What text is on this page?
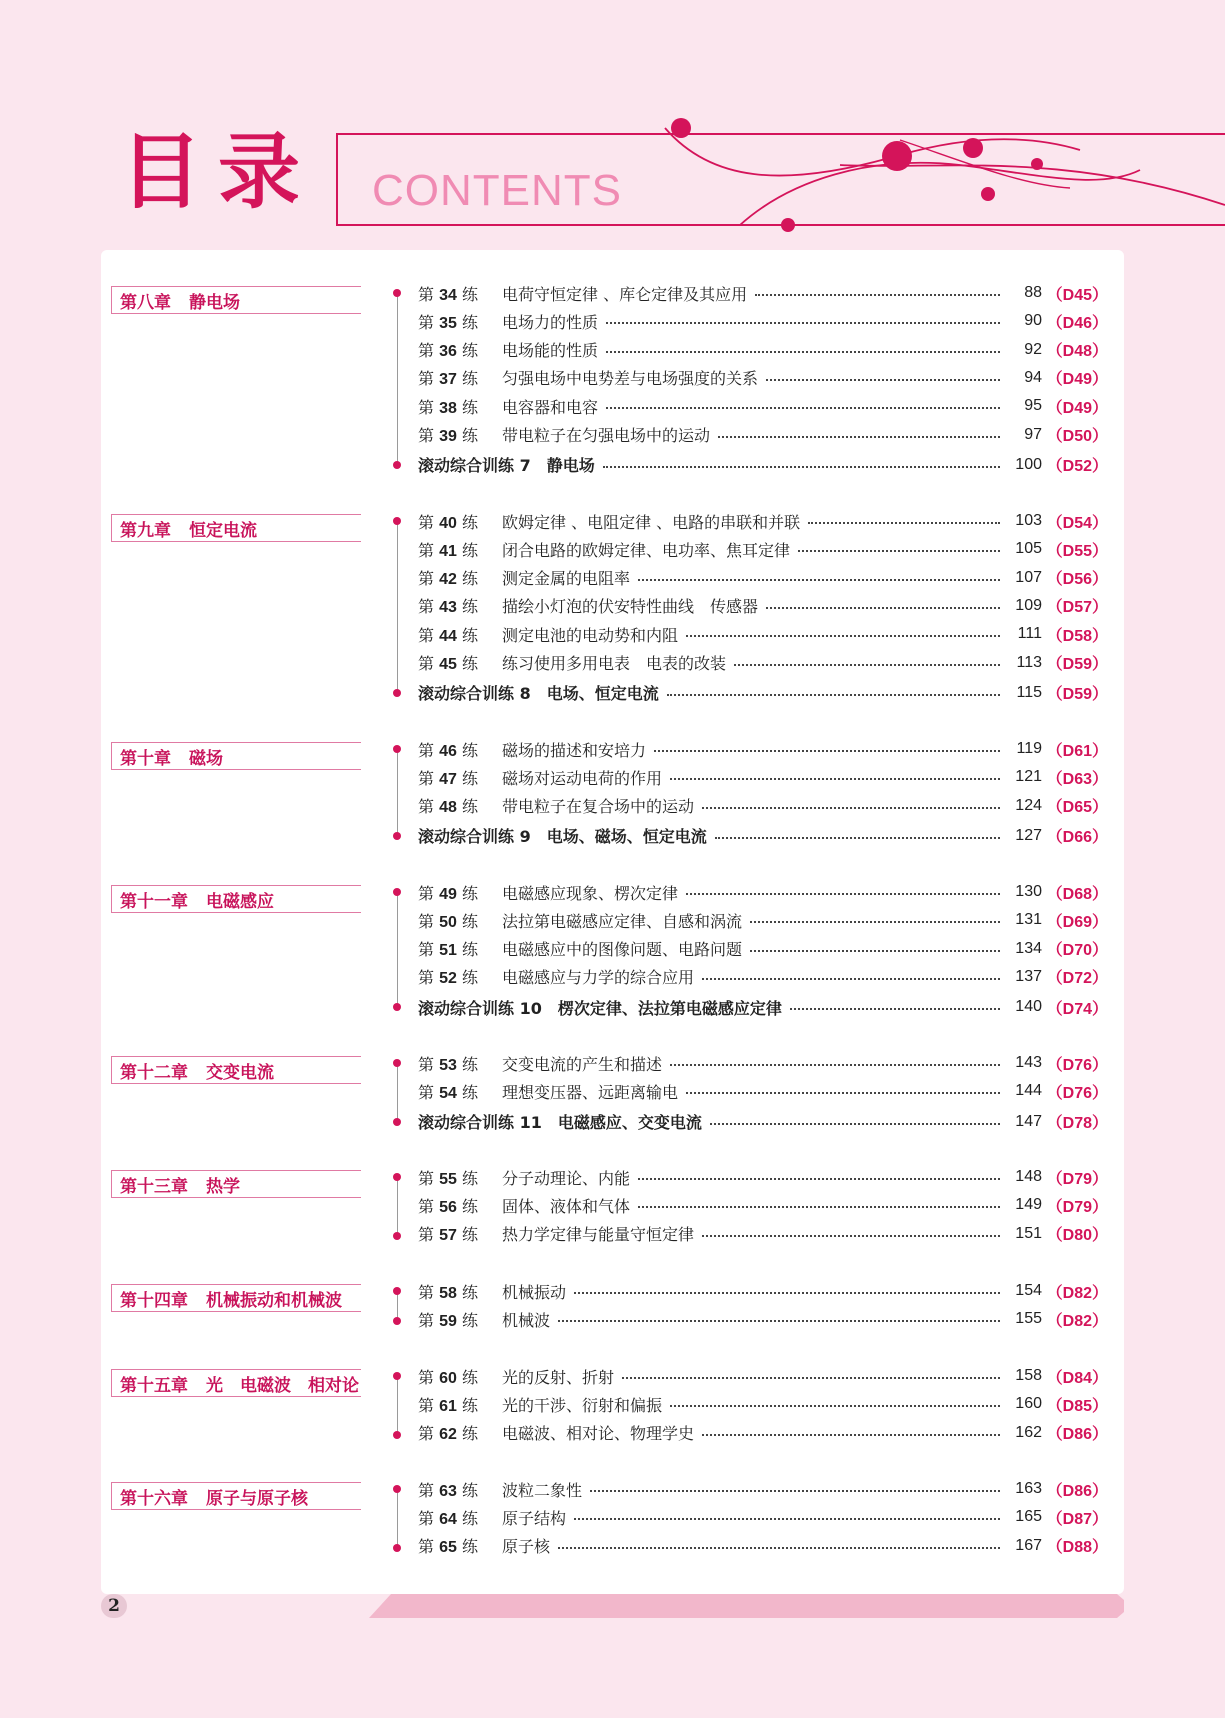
目录 CONTENTS
第八章 静电场	第 34 练	电荷守恒定律 、库仑定律及其应用	88 （D45）
第 35 练	电场力的性质	90 （D46）
第 36 练	电场能的性质	92 （D48）
第 37 练	匀强电场中电势差与电场强度的关系	94 （D49）
第 38 练	电容器和电容	95 （D49）
第 39 练	带电粒子在匀强电场中的运动	97 （D50）
滚动综合训练 7　静电场	100 （D52）
第九章 恒定电流	第 40 练	欧姆定律 、电阻定律 、电路的串联和并联	103 （D54）
第 41 练	闭合电路的欧姆定律、电功率、焦耳定律	105 （D55）
第 42 练	测定金属的电阻率	107 （D56）
第 43 练	描绘小灯泡的伏安特性曲线　传感器	109 （D57）
第 44 练	测定电池的电动势和内阻	111 （D58）
第 45 练	练习使用多用电表　电表的改装	113 （D59）
滚动综合训练 8　电场、恒定电流	115 （D59）
第十章 磁场	第 46 练	磁场的描述和安培力	119 （D61）
第 47 练	磁场对运动电荷的作用	121 （D63）
第 48 练	带电粒子在复合场中的运动	124 （D65）
滚动综合训练 9　电场、磁场、恒定电流	127 （D66）
第十一章 电磁感应	第 49 练	电磁感应现象、楞次定律	130 （D68）
第 50 练	法拉第电磁感应定律、自感和涡流	131 （D69）
第 51 练	电磁感应中的图像问题、电路问题	134 （D70）
第 52 练	电磁感应与力学的综合应用	137 （D72）
滚动综合训练 10　楞次定律、法拉第电磁感应定律	140 （D74）
第十二章 交变电流	第 53 练	交变电流的产生和描述	143 （D76）
第 54 练	理想变压器、远距离输电	144 （D76）
滚动综合训练 11　电磁感应、交变电流	147 （D78）
第十三章 热学	第 55 练	分子动理论、内能	148 （D79）
第 56 练	固体、液体和气体	149 （D79）
第 57 练	热力学定律与能量守恒定律	151 （D80）
第十四章 机械振动和机械波	第 58 练	机械振动	154 （D82）
第 59 练	机械波	155 （D82）
第十五章 光　电磁波　相对论	第 60 练	光的反射、折射	158 （D84）
第 61 练	光的干涉、衍射和偏振	160 （D85）
第 62 练	电磁波、相对论、物理学史	162 （D86）
第十六章 原子与原子核	第 63 练	波粒二象性	163 （D86）
第 64 练	原子结构	165 （D87）
第 65 练	原子核	167 （D88）
2
